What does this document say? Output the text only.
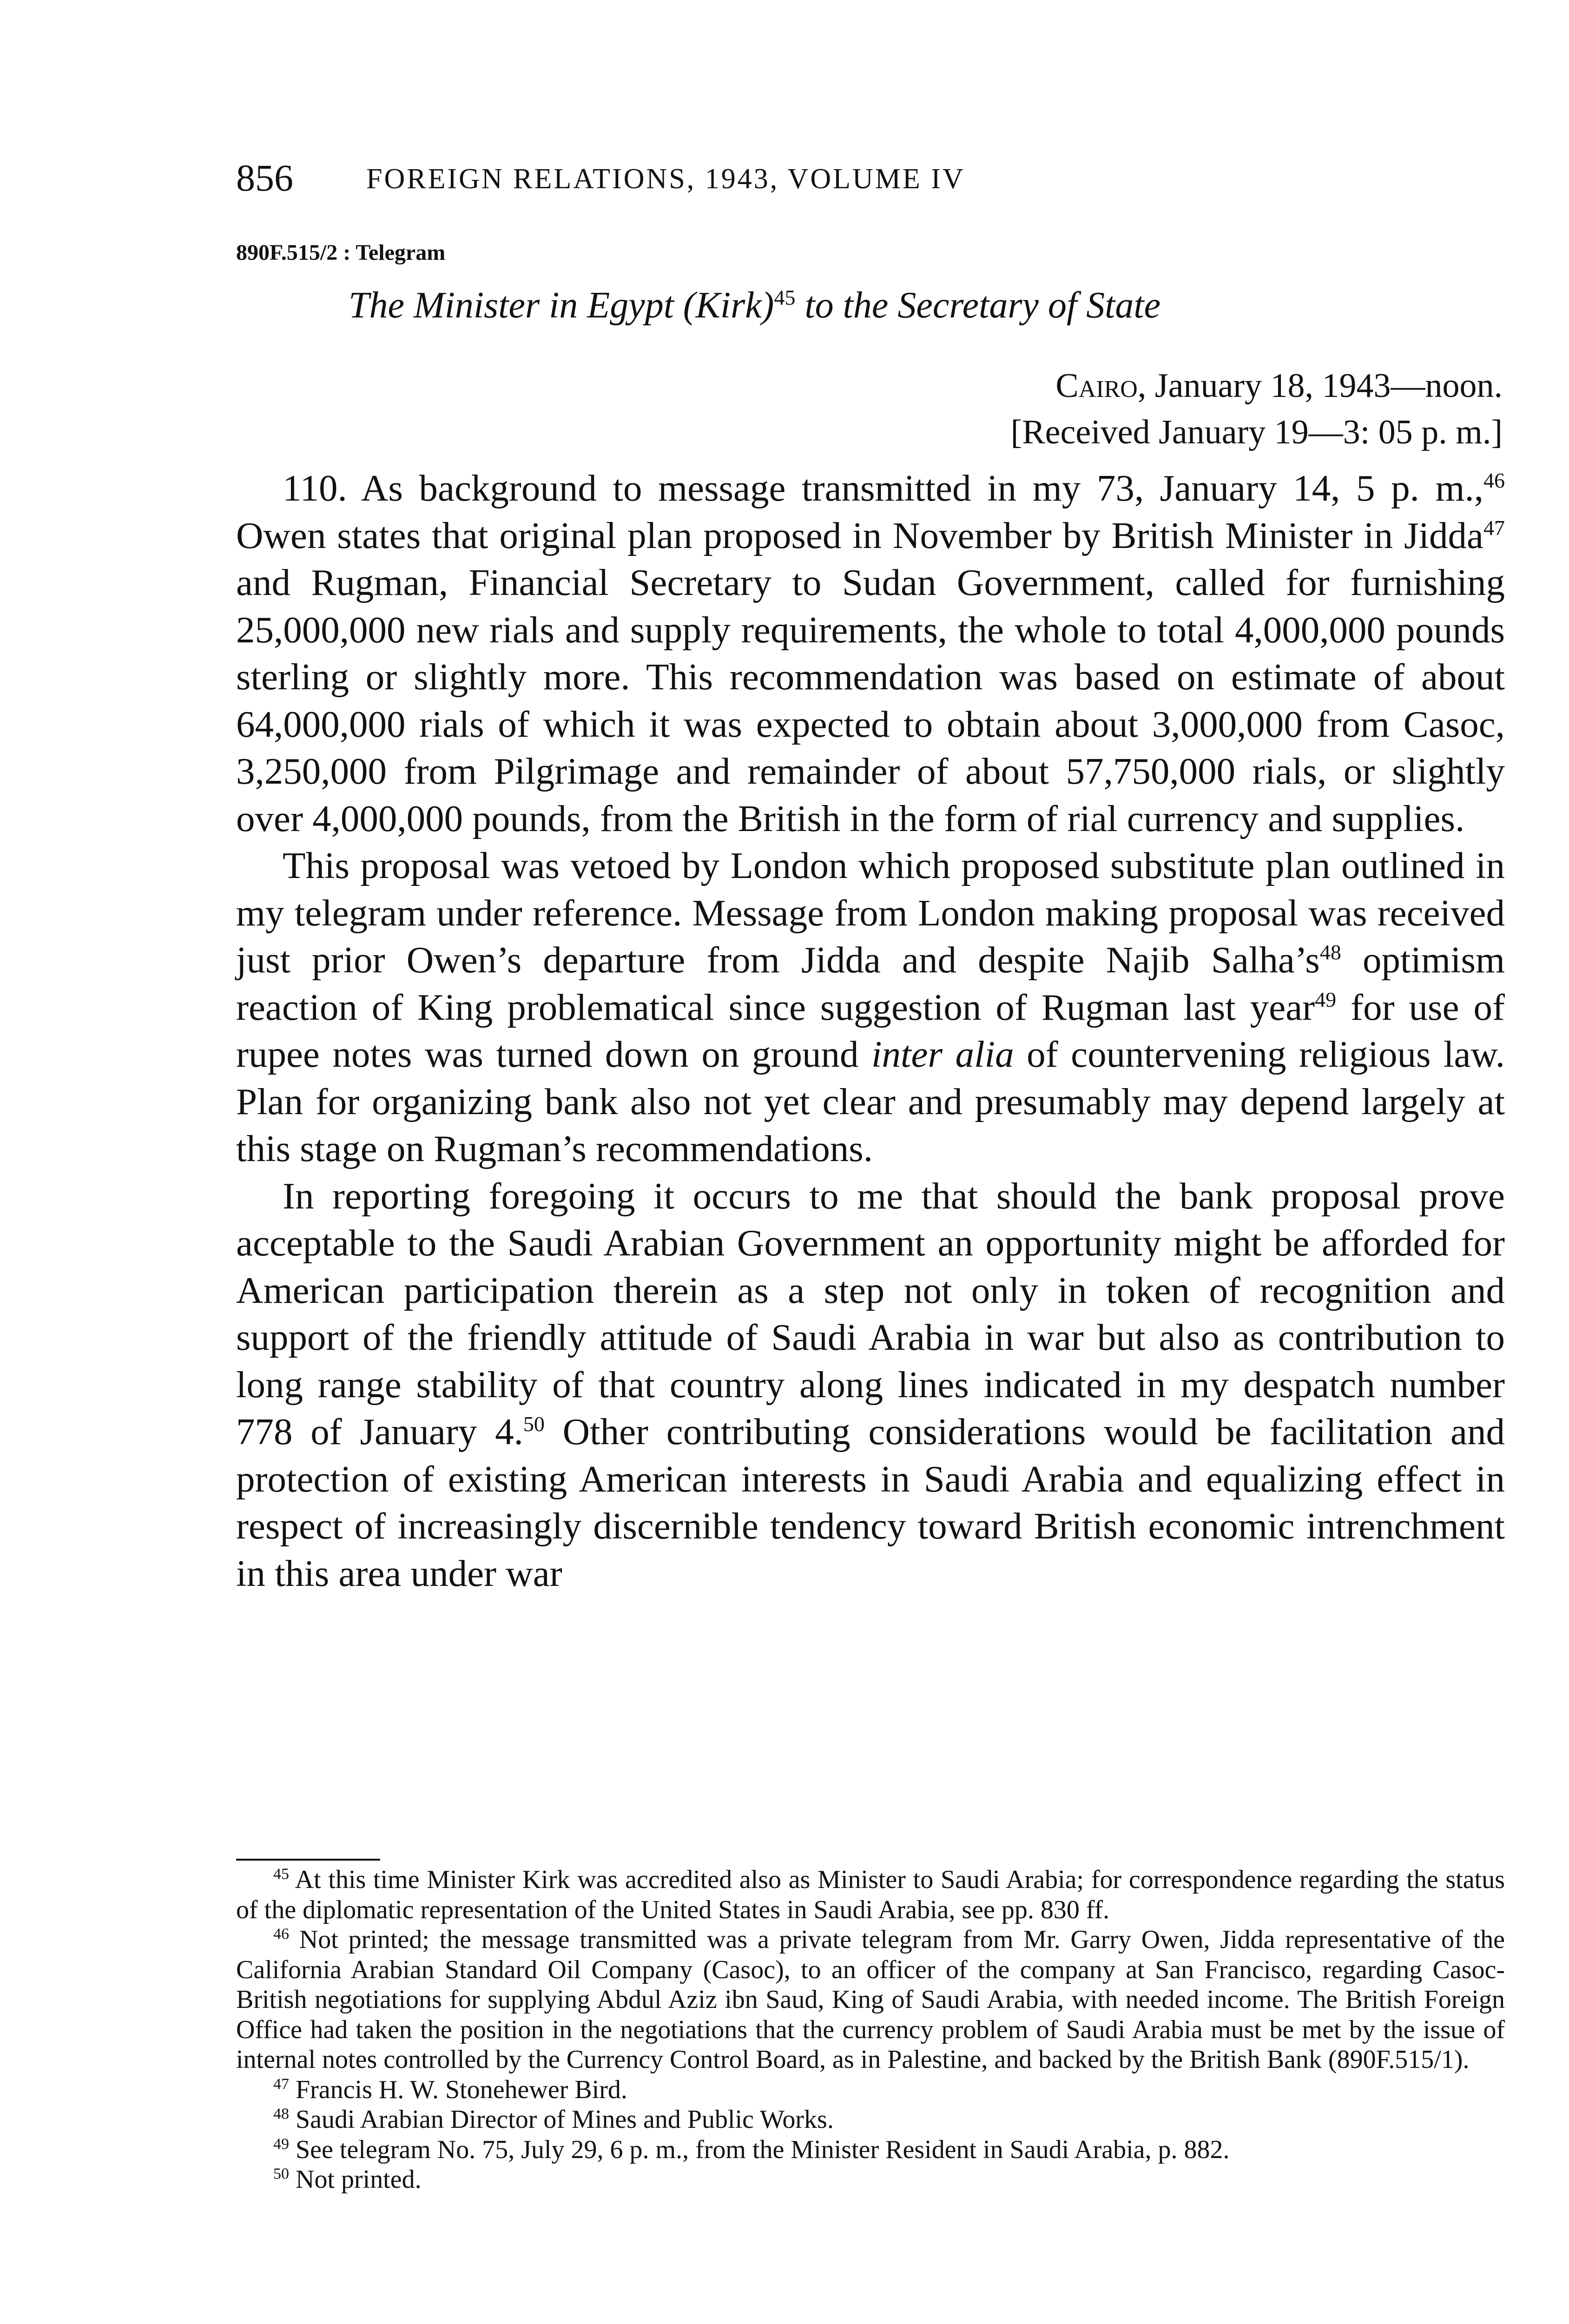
856	FOREIGN RELATIONS, 1943, VOLUME IV
890F.515/2 : Telegram
The Minister in Egypt (Kirk)$^{45}$ to the Secretary of State
Cairo, January 18, 1943—noon.
[Received January 19—3: 05 p. m.]

110. As background to message transmitted in my 73, January 14, 5 p. m.,$^{46}$ Owen states that original plan proposed in November by British Minister in Jidda$^{47}$ and Rugman, Financial Secretary to Sudan Government, called for furnishing 25,000,000 new rials and supply requirements, the whole to total 4,000,000 pounds sterling or slightly more. This recommendation was based on estimate of about 64,000,000 rials of which it was expected to obtain about 3,000,000 from Casoc, 3,250,000 from Pilgrimage and remainder of about 57,750,000 rials, or slightly over 4,000,000 pounds, from the British in the form of rial currency and supplies.

This proposal was vetoed by London which proposed substitute plan outlined in my telegram under reference. Message from London making proposal was received just prior Owen’s departure from Jidda and despite Najib $Salha’s^{48}$ optimism reaction of King problematical since suggestion of Rugman last year$^{49}$ for use of rupee notes was turned down on ground inter alia of countervening religious law. Plan for organizing bank also not yet clear and presumably may depend largely at this stage on Rugman’s recommendations.

In reporting foregoing it occurs to me that should the bank proposal prove acceptable to the Saudi Arabian Government an opportunity might be afforded for American participation therein as a step not only in token of recognition and support of the friendly attitude of Saudi Arabia in war but also as contribution to long range stability of that country along lines indicated in my despatch number 778 of January 4.50 Other contributing considerations would be facilitation and protection of existing American interests in Saudi Arabia and equalizing effect in respect of increasingly discernible tendency toward British economic intrenchment in this area under war

$^{45}$ At this time Minister Kirk was accredited also as Minister to Saudi Arabia; for correspondence regarding the status of the diplomatic representation of the United States in Saudi Arabia, see pp. 830 ff.

$^{46}$ Not printed; the message transmitted was a private telegram from Mr. Garry Owen, Jidda representative of the California Arabian Standard Oil Company (Casoc), to an officer of the company at San Francisco, regarding Casoc-British negotiations for supplying Abdul Aziz ibn Saud, King of Saudi Arabia, with needed income. The British Foreign Office had taken the position in the negotiations that the currency problem of Saudi Arabia must be met by the issue of internal notes controlled by the Currency Control Board, as in Palestine, and backed by the British Bank (890F.515/1).

$^{47}$ Francis H. W. Stonehewer Bird.

$^{48}$ Saudi Arabian Director of Mines and Public Works.

$^{49}$ See telegram No. 75, July 29, 6 p. m., from the Minister Resident in Saudi Arabia, p. 882.

$^{50}$ Not printed.
